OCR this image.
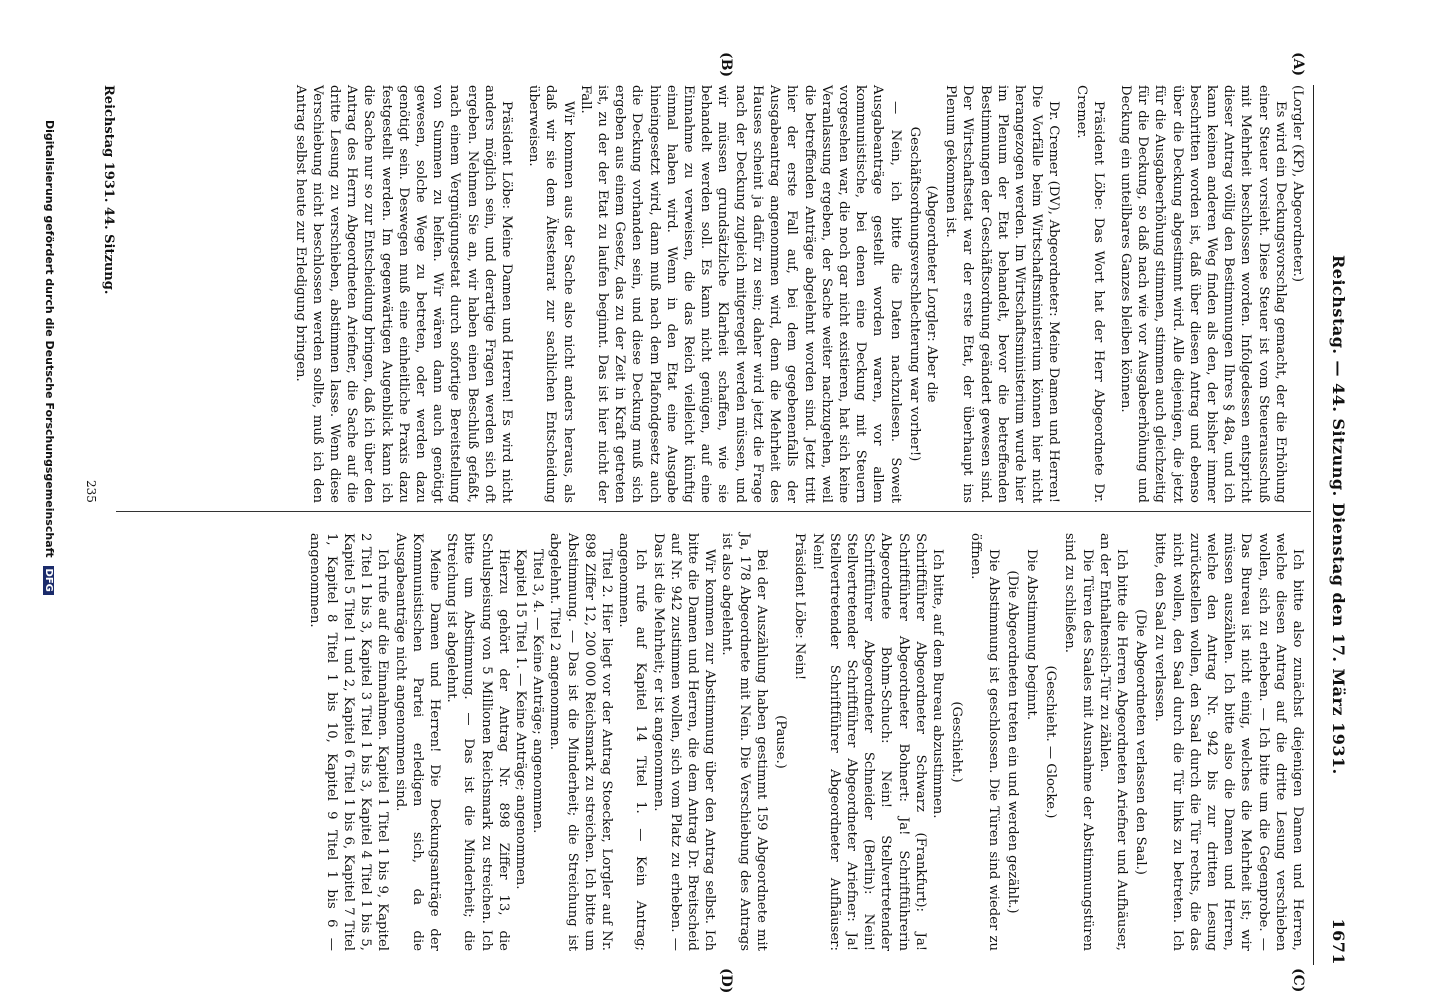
Reichstag. — 44. Sitzung. Dienstag den 17. März 1931.
1671
(A)
(B)
(C)
(D)

(Lorgler (KP), Abgeordneter.)

Es wird ein Deckungsvorschlag gemacht, der die Erhöhung einer Steuer vorsieht. Diese Steuer ist vom Steuerausschuß mit Mehrheit beschlossen worden. Infolgedessen entspricht dieser Antrag völlig den Bestimmungen Ihres § 48a, und ich kann keinen anderen Weg finden als den, der bisher immer beschritten worden ist, daß über diesen Antrag und ebenso über die Deckung abgestimmt wird. Alle diejenigen, die jetzt für die Ausgabeerhöhung stimmen, stimmen auch gleichzeitig für die Deckung, so daß nach wie vor Ausgabeerhöhung und Deckung ein unteilbares Ganzes bleiben können.

Präsident Löbe: Das Wort hat der Herr Abgeordnete Dr. Cremer.

Dr. Cremer (DV), Abgeordneter: Meine Damen und Herren! Die Vorfälle beim Wirtschaftsministerium können hier nicht herangezogen werden. Im Wirtschaftsministerium wurde hier im Plenum der Etat behandelt, bevor die betreffenden Bestimmungen der Geschäftsordnung geändert gewesen sind. Der Wirtschaftsetat war der erste Etat, der überhaupt ins Plenum gekommen ist.

(Abgeordneter Lorgler: Aber die Geschäftsordnungsverschlechterung war vorher!)

— Nein, ich bitte die Daten nachzulesen. Soweit Ausgabeanträge gestellt worden waren, vor allem kommunistische, bei denen eine Deckung mit Steuern vorgesehen war, die noch gar nicht existieren, hat sich keine Veranlassung ergeben, der Sache weiter nachzugehen, weil die betreffenden Anträge abgelehnt worden sind. Jetzt tritt hier der erste Fall auf, bei dem gegebenenfalls der Ausgabeantrag angenommen wird, denn die Mehrheit des Hauses scheint ja dafür zu sein; daher wird jetzt die Frage nach der Deckung zugleich mitgeregelt werden müssen, und wir müssen grundsätzliche Klarheit schaffen, wie sie behandelt werden soll. Es kann nicht genügen, auf eine Einnahme zu verweisen, die das Reich vielleicht künftig einmal haben wird. Wenn in den Etat eine Ausgabe hineingesetzt wird, dann muß nach dem Plafondgesetz auch die Deckung vorhanden sein, und diese Deckung muß sich ergeben aus einem Gesetz, das zu der Zeit in Kraft getreten ist, zu der der Etat zu laufen beginnt. Das ist hier nicht der Fall.

Wir kommen aus der Sache also nicht anders heraus, als daß wir sie dem Ältestenrat zur sachlichen Entscheidung überweisen.

Präsident Löbe: Meine Damen und Herren! Es wird nicht anders möglich sein, und derartige Fragen werden sich oft ergeben. Nehmen Sie an, wir haben einen Beschluß gefaßt, nach einem Vergnügungsetat durch sofortige Bereitstellung von Summen zu helfen. Wir wären dann auch genötigt gewesen, solche Wege zu betreten, oder werden dazu genötigt sein. Deswegen muß eine einheitliche Praxis dazu festgestellt werden. Im gegenwärtigen Augenblick kann ich die Sache nur so zur Entscheidung bringen, daß ich über den Antrag des Herrn Abgeordneten Ariefner, die Sache auf die dritte Lesung zu verschieben, abstimmen lasse. Wenn diese Verschiebung nicht beschlossen werden sollte, muß ich den Antrag selbst heute zur Erledigung bringen.

Ich bitte also zunächst diejenigen Damen und Herren, welche diesen Antrag auf die dritte Lesung verschieben wollen, sich zu erheben. — Ich bitte um die Gegenprobe. — Das Bureau ist nicht einig, welches die Mehrheit ist; wir müssen auszählen. Ich bitte also die Damen und Herren, welche den Antrag Nr. 942 bis zur dritten Lesung zurückstellen wollen, den Saal durch die Tür rechts, die das nicht wollen, den Saal durch die Tür links zu betreten. Ich bitte, den Saal zu verlassen.

(Die Abgeordneten verlassen den Saal.)

Ich bitte die Herren Abgeordneten Ariefner und Aufhäuser, an der Enthaltensich-Tür zu zählen.

Die Türen des Saales mit Ausnahme der Abstimmungstüren sind zu schließen.

(Geschieht. — Glocke.)

Die Abstimmung beginnt.

(Die Abgeordneten treten ein und werden gezählt.)

Die Abstimmung ist geschlossen. Die Türen sind wieder zu öffnen.

(Geschieht.)

Ich bitte, auf dem Bureau abzustimmen.

Schriftführer Abgeordneter Schwarz (Frankfurt): Ja! Schriftführer Abgeordneter Bohnert: Ja! Schriftführerin Abgeordnete Bohm-Schuch: Nein! Stellvertretender Schriftführer Abgeordneter Schneider (Berlin): Nein! Stellvertretender Schriftführer Abgeordneter Ariefner: Ja! Stellvertretender Schriftführer Abgeordneter Aufhäuser: Nein!

Präsident Löbe: Nein!

(Pause.)

Bei der Auszählung haben gestimmt 159 Abgeordnete mit Ja, 178 Abgeordnete mit Nein. Die Verschiebung des Antrags ist also abgelehnt.

Wir kommen zur Abstimmung über den Antrag selbst. Ich bitte die Damen und Herren, die dem Antrag Dr. Breitscheid auf Nr. 942 zustimmen wollen, sich vom Platz zu erheben. — Das ist die Mehrheit; er ist angenommen.

Ich rufe auf Kapitel 14 Titel 1. — Kein Antrag; angenommen.

Titel 2. Hier liegt vor der Antrag Stoecker, Lorgler auf Nr. 898 Ziffer 12, 200 000 Reichsmark zu streichen. Ich bitte um Abstimmung. — Das ist die Minderheit; die Streichung ist abgelehnt. Titel 2 angenommen.

Titel 3, 4. — Keine Anträge; angenommen.

Kapitel 15 Titel 1. — Keine Anträge; angenommen.

Hierzu gehört der Antrag Nr. 898 Ziffer 13, die Schulspeisung von 5 Millionen Reichsmark zu streichen. Ich bitte um Abstimmung. — Das ist die Minderheit; die Streichung ist abgelehnt.

Meine Damen und Herren! Die Deckungsanträge der Kommunistischen Partei erledigen sich, da die Ausgabeanträge nicht angenommen sind.

Ich rufe auf die Einnahmen. Kapitel 1 Titel 1 bis 9, Kapitel 2 Titel 1 bis 3, Kapitel 3 Titel 1 bis 3, Kapitel 4 Titel 1 bis 5, Kapitel 5 Titel 1 und 2, Kapitel 6 Titel 1 bis 6, Kapitel 7 Titel 1, Kapitel 8 Titel 1 bis 10, Kapitel 9 Titel 1 bis 6 — angenommen.

Reichstag 1931. 44. Sitzung.
235
Digitalisierung gefördert durch die Deutsche Forschungsgemeinschaft DFG
